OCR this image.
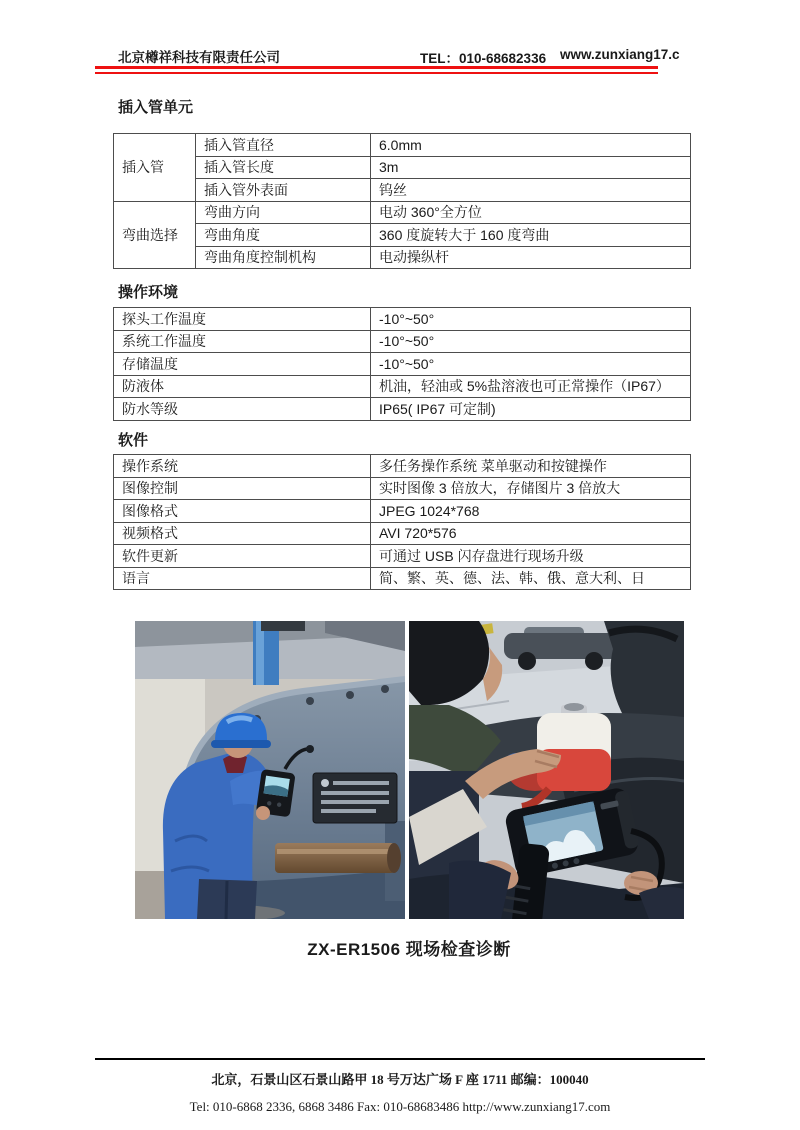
北京樽祥科技有限责任公司	TEL：010-68682336 www.zunxiang17.c
插入管单元
插入管	插入管直径	6.0mm
	插入管长度	3m
	插入管外表面	钨丝
弯曲选择	弯曲方向	电动 360°全方位
	弯曲角度	360 度旋转大于 160 度弯曲
	弯曲角度控制机构	电动操纵杆
操作环境
探头工作温度	-10°~50°
系统工作温度	-10°~50°
存储温度	-10°~50°
防液体	机油，轻油或 5%盐溶液也可正常操作（IP67）
防水等级	IP65( IP67 可定制)
软件
操作系统	多任务操作系统 菜单驱动和按键操作
图像控制	实时图像 3 倍放大，存储图片 3 倍放大
图像格式	JPEG 1024*768
视频格式	AVI 720*576
软件更新	可通过 USB 闪存盘进行现场升级
语言	简、繁、英、德、法、韩、俄、意大利、日
ZX-ER1506 现场检查诊断
北京，石景山区石景山路甲 18 号万达广场 F 座 1711 邮编：100040
Tel: 010-6868 2336, 6868 3486 Fax: 010-68683486 http://www.zunxiang17.com
